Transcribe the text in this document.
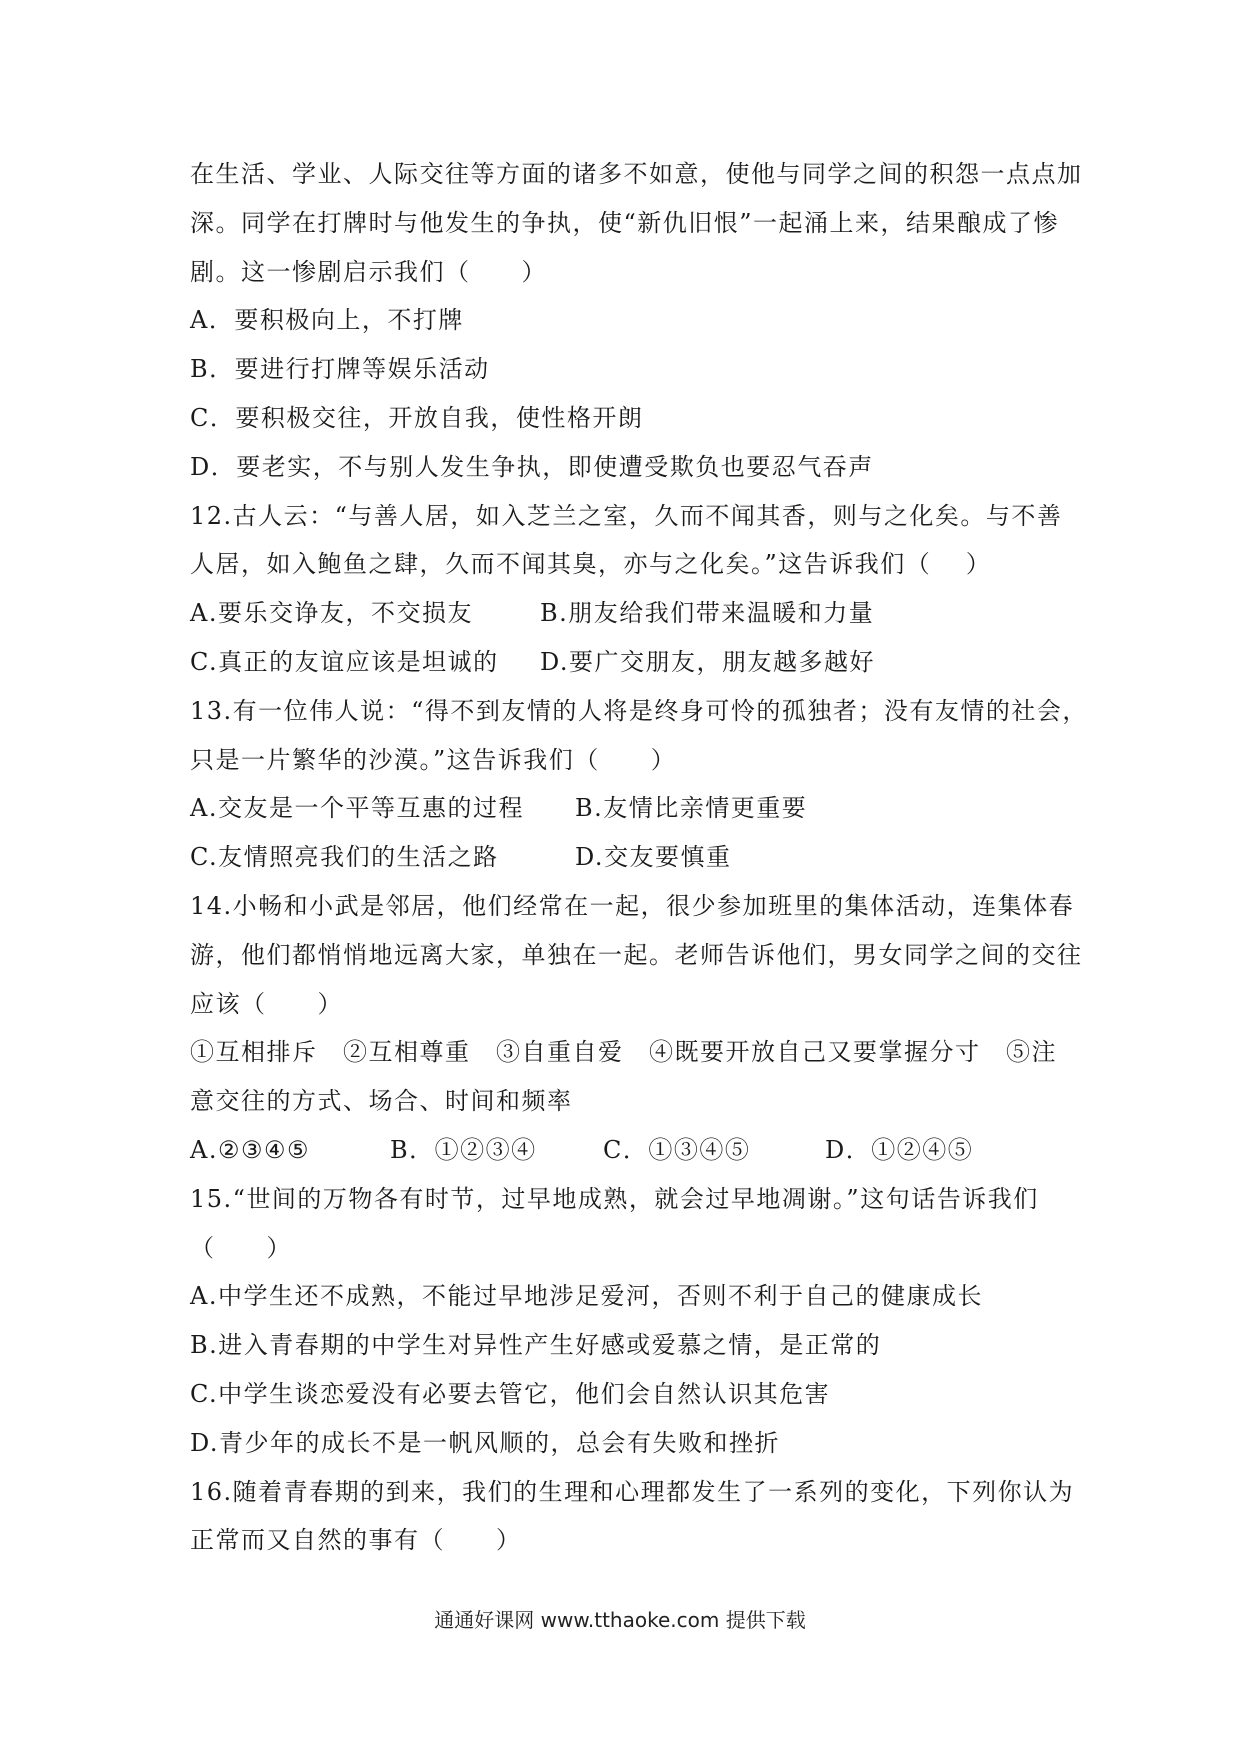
在生活、学业、人际交往等方面的诸多不如意，使他与同学之间的积怨一点点加
深。同学在打牌时与他发生的争执，使“新仇旧恨”一起涌上来，结果酿成了惨
剧。这一惨剧启示我们（　　）
A．要积极向上，不打牌
B．要进行打牌等娱乐活动
C．要积极交往，开放自我，使性格开朗
D．要老实，不与别人发生争执，即使遭受欺负也要忍气吞声
12.古人云：“与善人居，如入芝兰之室，久而不闻其香，则与之化矣。与不善
人居，如入鲍鱼之肆，久而不闻其臭，亦与之化矣。”这告诉我们（　 ）
A.要乐交诤友，不交损友	B.朋友给我们带来温暖和力量
C.真正的友谊应该是坦诚的	D.要广交朋友，朋友越多越好
13.有一位伟人说：“得不到友情的人将是终身可怜的孤独者；没有友情的社会，
只是一片繁华的沙漠。”这告诉我们（　　）
A.交友是一个平等互惠的过程	B.友情比亲情更重要
C.友情照亮我们的生活之路	D.交友要慎重
14.小畅和小武是邻居，他们经常在一起，很少参加班里的集体活动，连集体春
游，他们都悄悄地远离大家，单独在一起。老师告诉他们，男女同学之间的交往
应该（　　）
①互相排斥　②互相尊重　③自重自爱　④既要开放自己又要掌握分寸　⑤注
意交往的方式、场合、时间和频率
A.②③④⑤	B．①②③④	C．①③④⑤	D．①②④⑤
15.“世间的万物各有时节，过早地成熟，就会过早地凋谢。”这句话告诉我们
（　　）
A.中学生还不成熟，不能过早地涉足爱河，否则不利于自己的健康成长
B.进入青春期的中学生对异性产生好感或爱慕之情，是正常的
C.中学生谈恋爱没有必要去管它，他们会自然认识其危害
D.青少年的成长不是一帆风顺的，总会有失败和挫折
16.随着青春期的到来，我们的生理和心理都发生了一系列的变化，下列你认为
正常而又自然的事有（　　）
通通好课网 www.tthaoke.com 提供下载
